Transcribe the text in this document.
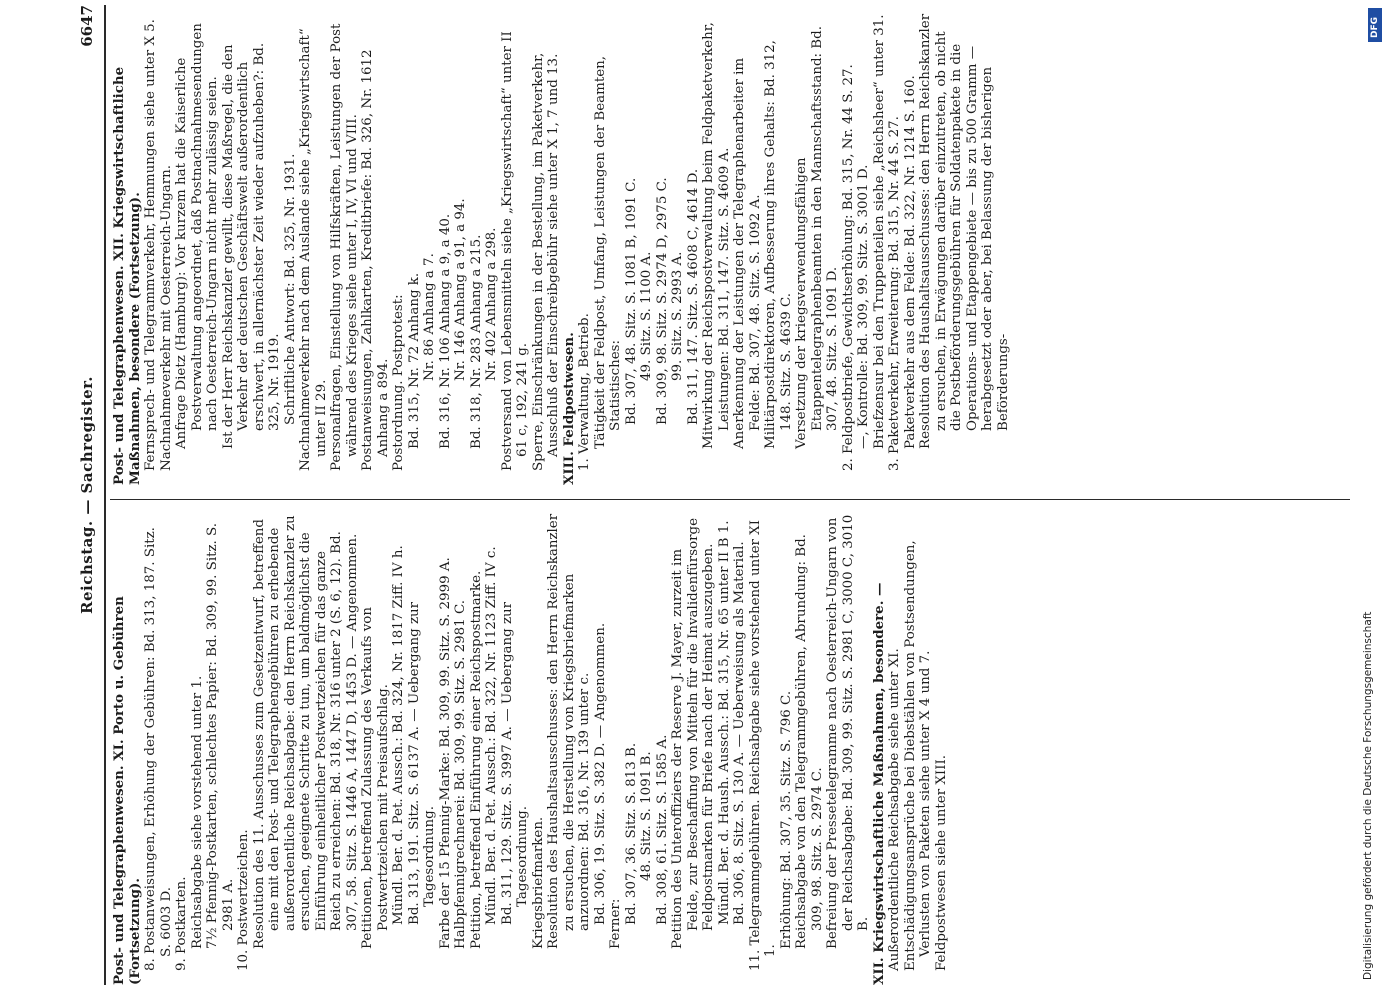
Reichstag. — Sachregister.
6647

Post- und Telegraphenwesen. XI. Porto u. Gebühren (Fortsetzung). 8. Postanweisungen, Erhöhung der Gebühren: Bd. 313, 187. Sitz. S. 6003 D. 9. Postkarten. Reichsabgabe siehe vorstehend unter 1. 7½ Pfennig-Postkarten, schlechtes Papier: Bd. 309, 99. Sitz. S. 2981 A. 10. Postwertzeichen. Resolution des 11. Ausschusses zum Gesetzentwurf, betreffend eine mit den Post- und Telegraphengebühren zu erhebende außerordentliche Reichsabgabe: den Herrn Reichskanzler zu ersuchen, geeignete Schritte zu tun, um baldmöglichst die Einführung einheitlicher Postwertzeichen für das ganze Reich zu erreichen: Bd. 318, Nr. 316 unter 2 (S. 6, 12). Bd. 307, 58. Sitz. S. 1446 A, 1447 D, 1453 D. — Angenommen. Petitionen, betreffend Zulassung des Verkaufs von Postwertzeichen mit Preisaufschlag. Mündl. Ber. d. Pet. Aussch.: Bd. 324, Nr. 1817 Ziff. IV h. Bd. 313, 191. Sitz. S. 6137 A. — Uebergang zur Tagesordnung. Farbe der 15 Pfennig-Marke: Bd. 309, 99. Sitz. S. 2999 A. Halbpfennigrechnerei: Bd. 309, 99. Sitz. S. 2981 C. Petition, betreffend Einführung einer Reichspostmarke. Mündl. Ber. d. Pet. Aussch.: Bd. 322, Nr. 1123 Ziff. IV c. Bd. 311, 129. Sitz. S. 3997 A. — Uebergang zur Tagesordnung. Kriegsbriefmarken. Resolution des Haushaltsausschusses: den Herrn Reichskanzler zu ersuchen, die Herstellung von Kriegsbriefmarken anzuordnen: Bd. 316, Nr. 139 unter c. Bd. 306, 19. Sitz. S. 382 D. — Angenommen. Ferner: Bd. 307, 36. Sitz. S. 813 B. 48. Sitz. S. 1091 B. Bd. 308, 61. Sitz. S. 1585 A. Petition des Unteroffiziers der Reserve J. Mayer, zurzeit im Felde, zur Beschaffung von Mitteln für die Invalidenfürsorge Feldpostmarken für Briefe nach der Heimat auszugeben. Mündl. Ber. d. Haush. Aussch.: Bd. 315, Nr. 65 unter II B 1. Bd. 306, 8. Sitz. S. 130 A. — Ueberweisung als Material. 11. Telegrammgebühren. Reichsabgabe siehe vorstehend unter XI 1.

Erhöhung: Bd. 307, 35. Sitz. S. 796 C. Reichsabgabe von den Telegrammgebühren, Abrundung: Bd. 309, 98. Sitz. S. 2974 C. Befreiung der Pressetelegramme nach Oesterreich-Ungarn von der Reichsabgabe: Bd. 309, 99. Sitz. S. 2981 C, 3000 C, 3010 B. XII. Kriegswirtschaftliche Maßnahmen, besondere. — Außerordentliche Reichsabgabe siehe unter XI. Entschädigungsansprüche bei Diebstählen von Postsendungen, Verlusten von Paketen siehe unter X 4 und 7. Feldpostwesen siehe unter XIII.

Post- und Telegraphenwesen. XII. Kriegswirtschaftliche Maßnahmen, besondere (Fortsetzung). Fernsprech- und Telegrammverkehr, Hemmungen siehe unter X 5. Nachnahmeverkehr mit Oesterreich-Ungarn. Anfrage Dietz (Hamburg): Vor kurzem hat die Kaiserliche Postverwaltung angeordnet, daß Postnachnahmesendungen nach Oesterreich-Ungarn nicht mehr zulässig seien. Ist der Herr Reichskanzler gewillt, diese Maßregel, die den Verkehr der deutschen Geschäftswelt außerordentlich erschwert, in allernächster Zeit wieder aufzuheben?: Bd. 325, Nr. 1919. Schriftliche Antwort: Bd. 325, Nr. 1931. Nachnahmeverkehr nach dem Auslande siehe „Kriegswirtschaft“ unter II 29. Personalfragen, Einstellung von Hilfskräften, Leistungen der Post während des Krieges siehe unter I, IV, VI und VIII. Postanweisungen, Zahlkarten, Kreditbriefe: Bd. 326, Nr. 1612 Anhang a 894. Postordnung. Postprotest: Bd. 315, Nr. 72 Anhang k. Nr. 86 Anhang a 7. Bd. 316, Nr. 106 Anhang a 9, a 40. Nr. 146 Anhang a 91, a 94. Bd. 318, Nr. 283 Anhang a 215. Nr. 402 Anhang a 298. Postversand von Lebensmitteln siehe „Kriegswirtschaft“ unter II 61 c, 192, 241 g. Sperre, Einschränkungen in der Bestellung, im Paketverkehr, Ausschluß der Einschreibgebühr siehe unter X 1, 7 und 13. XIII. Feldpostwesen. 1. Verwaltung, Betrieb. Tätigkeit der Feldpost, Umfang, Leistungen der Beamten, Statistisches: Bd. 307, 48. Sitz. S. 1081 B, 1091 C. 49. Sitz. S. 1100 A. Bd. 309, 98. Sitz. S. 2974 D, 2975 C. 99. Sitz. S. 2993 A. Bd. 311, 147. Sitz. S. 4608 C, 4614 D. Mitwirkung der Reichspostverwaltung beim Feldpaketverkehr, Leistungen: Bd. 311, 147. Sitz. S. 4609 A. Anerkennung der Leistungen der Telegraphenarbeiter im Felde: Bd. 307, 48. Sitz. S. 1092 A. Militärpostdirektoren, Aufbesserung ihres Gehalts: Bd. 312, 148. Sitz. S. 4639 C. Versetzung der kriegsverwendungsfähigen Etappentelegraphenbeamten in den Mannschaftsstand: Bd. 307, 48. Sitz. S. 1091 D. 2. Feldpostbriefe, Gewichtserhöhung: Bd. 315, Nr. 44 S. 27. —, Kontrolle: Bd. 309, 99. Sitz. S. 3001 D. Briefzensur bei den Truppenteilen siehe „Reichsheer“ unter 31. 3. Paketverkehr, Erweiterung: Bd. 315, Nr. 44 S. 27. Paketverkehr aus dem Felde: Bd. 322, Nr. 1214 S. 160. Resolution des Haushaltsausschusses: den Herrn Reichskanzler zu ersuchen, in Erwägungen darüber einzutreten, ob nicht die Postbeförderungsgebühren für Soldatenpakete in die Operations- und Etappengebiete — bis zu 500 Gramm — herabgesetzt oder aber, bei Belassung der bisherigen Beförderungs-

DFG
Digitalisierung gefördert durch die Deutsche Forschungsgemeinschaft
